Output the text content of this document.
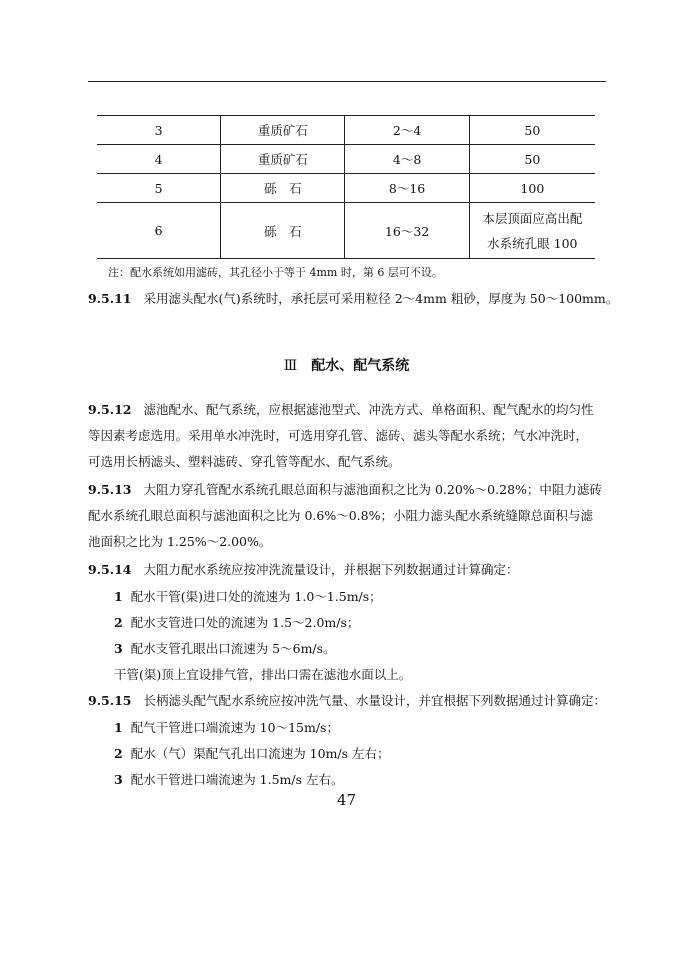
3	重质矿石	2～4	50
4	重质矿石	4～8	50
5	砾　石	8～16	100
6	砾　石	16～32	本层顶面应高出配
水系统孔眼 100
注：配水系统如用滤砖，其孔径小于等于 4mm 时，第 6 层可不设。
9.5.11 采用滤头配水(气)系统时，承托层可采用粒径 2～4mm 粗砂，厚度为 50～100mm。
Ⅲ 配水、配气系统
9.5.12 滤池配水、配气系统，应根据滤池型式、冲洗方式、单格面积、配气配水的均匀性
等因素考虑选用。采用单水冲洗时，可选用穿孔管、滤砖、滤头等配水系统；气水冲洗时，
可选用长柄滤头、塑料滤砖、穿孔管等配水、配气系统。
9.5.13 大阻力穿孔管配水系统孔眼总面积与滤池面积之比为 0.20%～0.28%；中阻力滤砖
配水系统孔眼总面积与滤池面积之比为 0.6%～0.8%；小阻力滤头配水系统缝隙总面积与滤
池面积之比为 1.25%～2.00%。
9.5.14 大阻力配水系统应按冲洗流量设计，并根据下列数据通过计算确定：
1 配水干管(渠)进口处的流速为 1.0～1.5m/s；
2 配水支管进口处的流速为 1.5～2.0m/s；
3 配水支管孔眼出口流速为 5～6m/s。
干管(渠)顶上宜设排气管，排出口需在滤池水面以上。
9.5.15 长柄滤头配气配水系统应按冲洗气量、水量设计，并宜根据下列数据通过计算确定：
1 配气干管进口端流速为 10～15m/s；
2 配水（气）渠配气孔出口流速为 10m/s 左右；
3 配水干管进口端流速为 1.5m/s 左右。
47
